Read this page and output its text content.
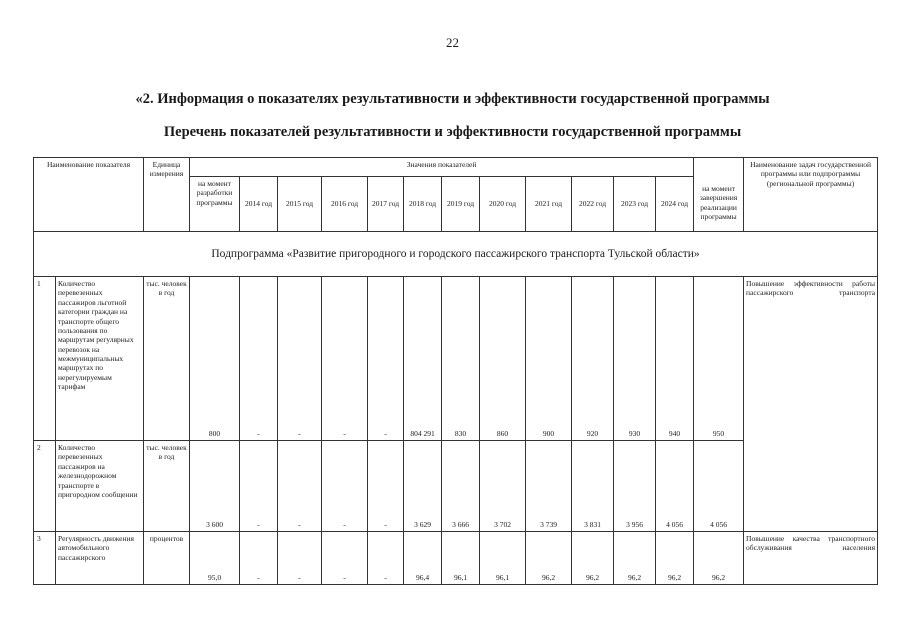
22
«2. Информация о показателях результативности и эффективности государственной программы
Перечень показателей результативности и эффективности государственной программы
Наименование показателя		Единица измерения	Значения показателей												на момент завершения реализации программы	Наименование задач государственной программы или подпрограммы (региональной программы)
			на момент разработки программы	2014 год	2015 год	2016 год	2017 год	2018 год	2019 год	2020 год	2021 год	2022 год	2023 год	2024 год		
Подпрограмма «Развитие пригородного и городского пассажирского транспорта Тульской области»																
1	Количество перевезенных пассажиров льготной категории граждан на транспорте общего пользования по маршрутам регулярных перевозок на межмуниципальных маршрутах по нерегулируемым тарифам	тыс. человек в год	800	-	-	-	-	804 291	830	860	900	920	930	940	950	Повышение эффективности работы пассажирского транспорта
2	Количество перевезенных пассажиров на железнодорожном транспорте в пригородном сообщении	тыс. человек в год	3 600	-	-	-	-	3 629	3 666	3 702	3 739	3 831	3 956	4 056	4 056	
3	Регулярность движения автомобильного пассажирского	процентов	95,0	-	-	-	-	96,4	96,1	96,1	96,2	96,2	96,2	96,2	96,2	Повышение качества транспортного обслуживания населения
